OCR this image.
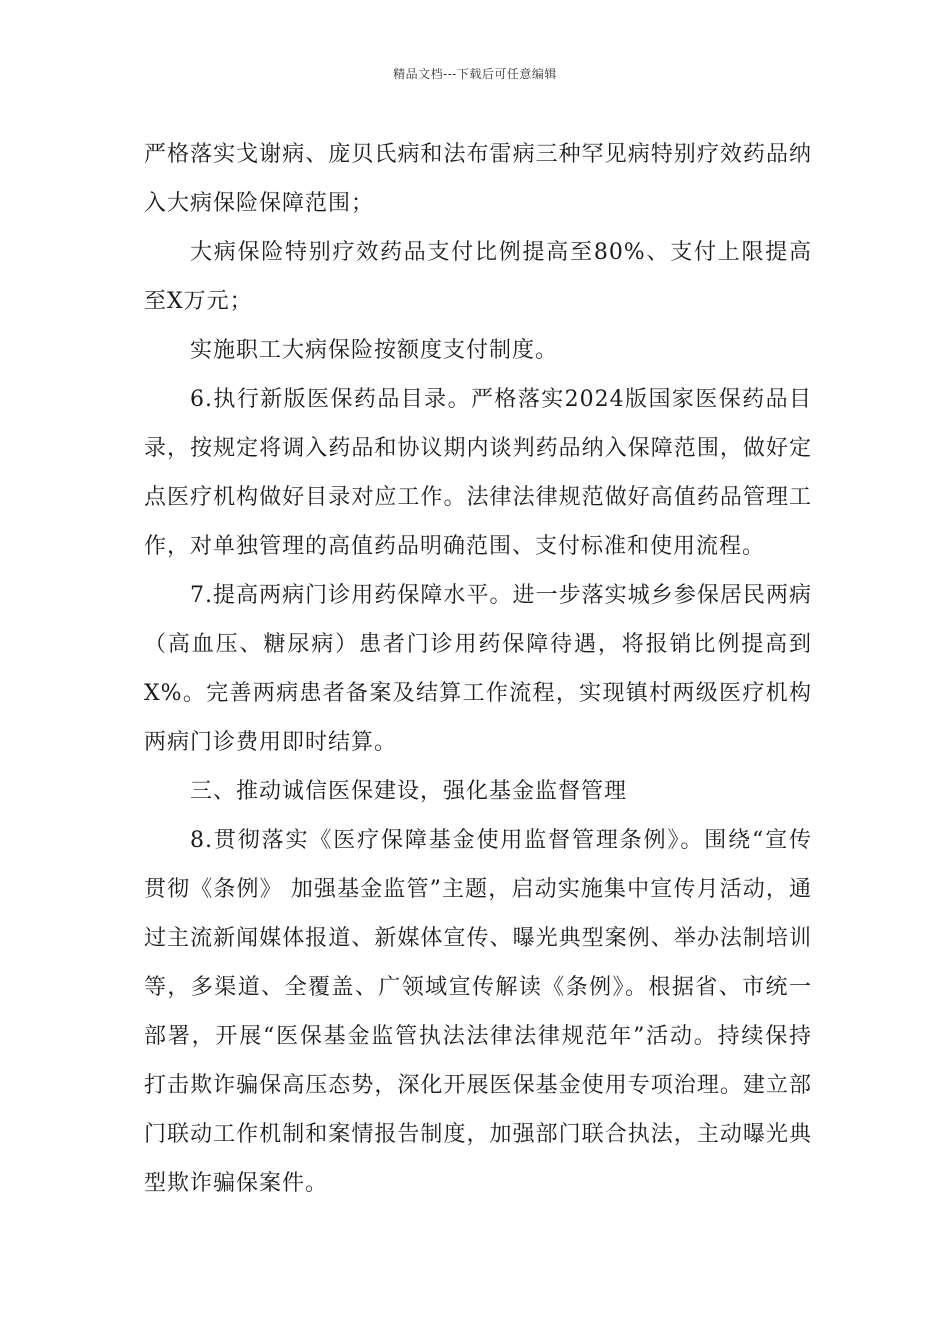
精品文档---下载后可任意编辑

严格落实戈谢病、庞贝氏病和法布雷病三种罕见病特别疗效药品纳入大病保险保障范围；

大病保险特别疗效药品支付比例提高至80%、支付上限提高至X万元；

实施职工大病保险按额度支付制度。

6.执行新版医保药品目录。严格落实2024版国家医保药品目录，按规定将调入药品和协议期内谈判药品纳入保障范围，做好定点医疗机构做好目录对应工作。法律法律规范做好高值药品管理工作，对单独管理的高值药品明确范围、支付标准和使用流程。

7.提高两病门诊用药保障水平。进一步落实城乡参保居民两病（高血压、糖尿病）患者门诊用药保障待遇，将报销比例提高到X%。完善两病患者备案及结算工作流程，实现镇村两级医疗机构两病门诊费用即时结算。

三、推动诚信医保建设，强化基金监督管理

8.贯彻落实《医疗保障基金使用监督管理条例》。围绕“宣传贯彻《条例》 加强基金监管”主题，启动实施集中宣传月活动，通过主流新闻媒体报道、新媒体宣传、曝光典型案例、举办法制培训等，多渠道、全覆盖、广领域宣传解读《条例》。根据省、市统一部署，开展“医保基金监管执法法律法律规范年”活动。持续保持打击欺诈骗保高压态势，深化开展医保基金使用专项治理。建立部门联动工作机制和案情报告制度，加强部门联合执法，主动曝光典型欺诈骗保案件。
